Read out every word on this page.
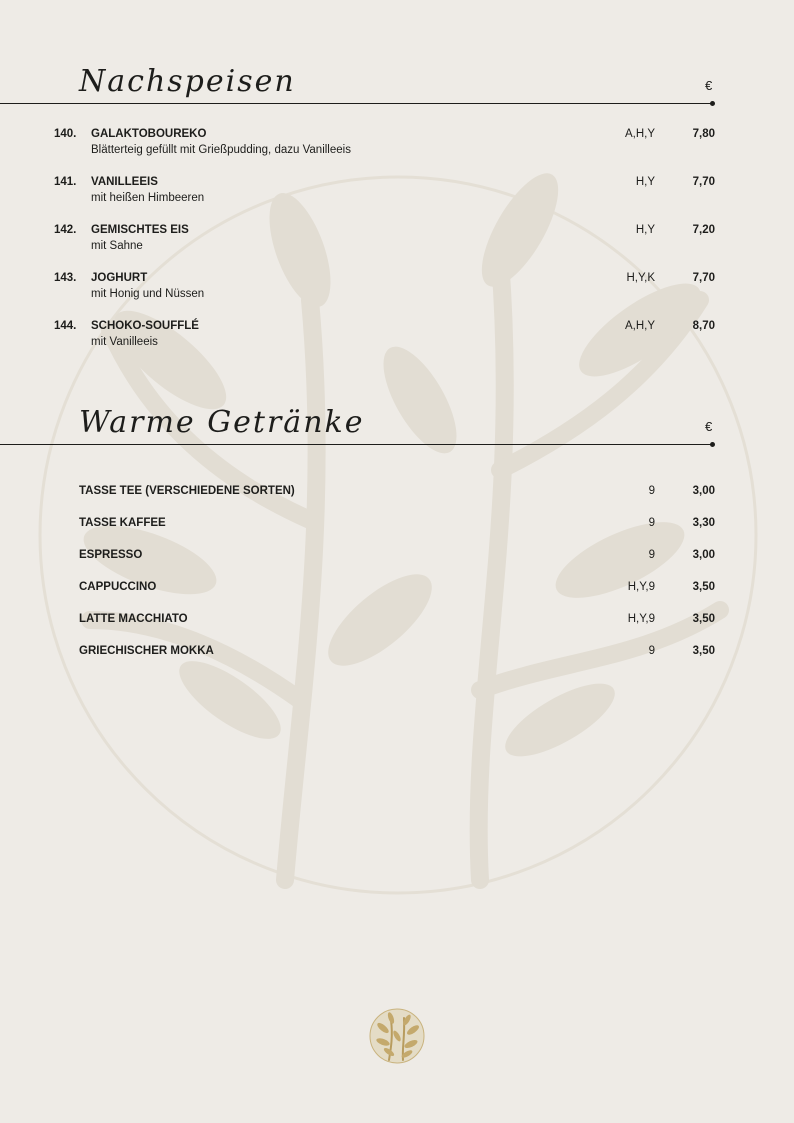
Nachspeisen	€
140. GALAKTOBOUREKO
Blätterteig gefüllt mit Grießpudding, dazu Vanilleeis
A,H,Y	7,80
141. VANILLEEIS
mit heißen Himbeeren
H,Y	7,70
142. GEMISCHTES EIS
mit Sahne
H,Y	7,20
143. JOGHURT
mit Honig und Nüssen
H,Y,K	7,70
144. SCHOKO-SOUFFLÉ
mit Vanilleeis
A,H,Y	8,70
Warme Getränke	€
TASSE TEE (VERSCHIEDENE SORTEN)	9	3,00
TASSE KAFFEE	9	3,30
ESPRESSO	9	3,00
CAPPUCCINO	H,Y,9	3,50
LATTE MACCHIATO	H,Y,9	3,50
GRIECHISCHER MOKKA	9	3,50
